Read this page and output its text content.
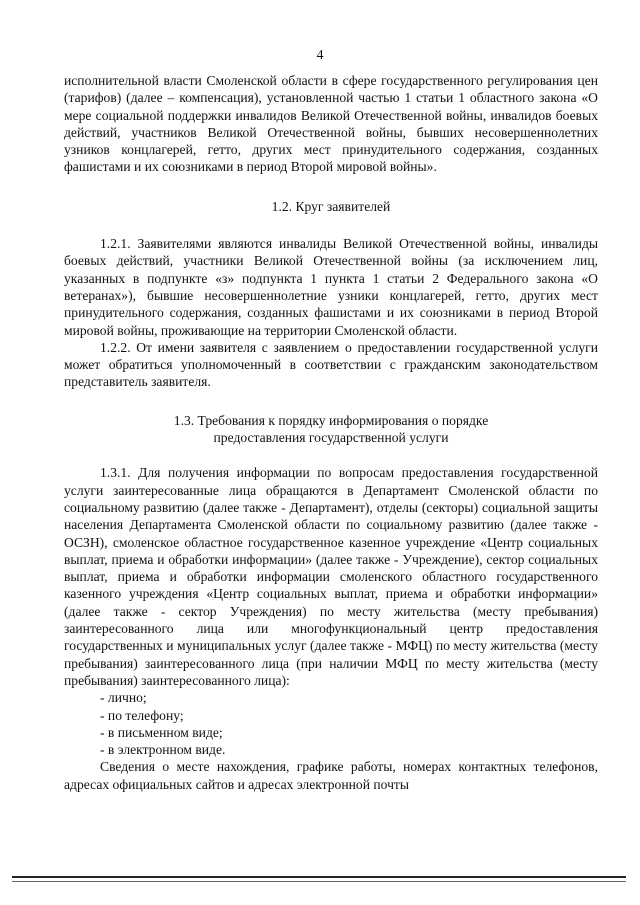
4

исполнительной власти Смоленской области в сфере государственного регулирования цен (тарифов) (далее – компенсация), установленной частью 1 статьи 1 областного закона «О мере социальной поддержки инвалидов Великой Отечественной войны, инвалидов боевых действий, участников Великой Отечественной войны, бывших несовершеннолетних узников концлагерей, гетто, других мест принудительного содержания, созданных фашистами и их союзниками в период Второй мировой войны».

1.2. Круг заявителей

1.2.1. Заявителями являются инвалиды Великой Отечественной войны, инвалиды боевых действий, участники Великой Отечественной войны (за исключением лиц, указанных в подпункте «з» подпункта 1 пункта 1 статьи 2 Федерального закона «О ветеранах»), бывшие несовершеннолетние узники концлагерей, гетто, других мест принудительного содержания, созданных фашистами и их союзниками в период Второй мировой войны, проживающие на территории Смоленской области.

1.2.2. От имени заявителя с заявлением о предоставлении государственной услуги может обратиться уполномоченный в соответствии с гражданским законодательством представитель заявителя.

1.3. Требования к порядку информирования о порядке
предоставления государственной услуги

1.3.1. Для получения информации по вопросам предоставления государственной услуги заинтересованные лица обращаются в Департамент Смоленской области по социальному развитию (далее также - Департамент), отделы (секторы) социальной защиты населения Департамента Смоленской области по социальному развитию (далее также - ОСЗН), смоленское областное государственное казенное учреждение «Центр социальных выплат, приема и обработки информации» (далее также - Учреждение), сектор социальных выплат, приема и обработки информации смоленского областного государственного казенного учреждения «Центр социальных выплат, приема и обработки информации» (далее также - сектор Учреждения) по месту жительства (месту пребывания) заинтересованного лица или многофункциональный центр предоставления государственных и муниципальных услуг (далее также - МФЦ) по месту жительства (месту пребывания) заинтересованного лица (при наличии МФЦ по месту жительства (месту пребывания) заинтересованного лица):

- лично;
- по телефону;
- в письменном виде;
- в электронном виде.

Сведения о месте нахождения, графике работы, номерах контактных телефонов, адресах официальных сайтов и адресах электронной почты
